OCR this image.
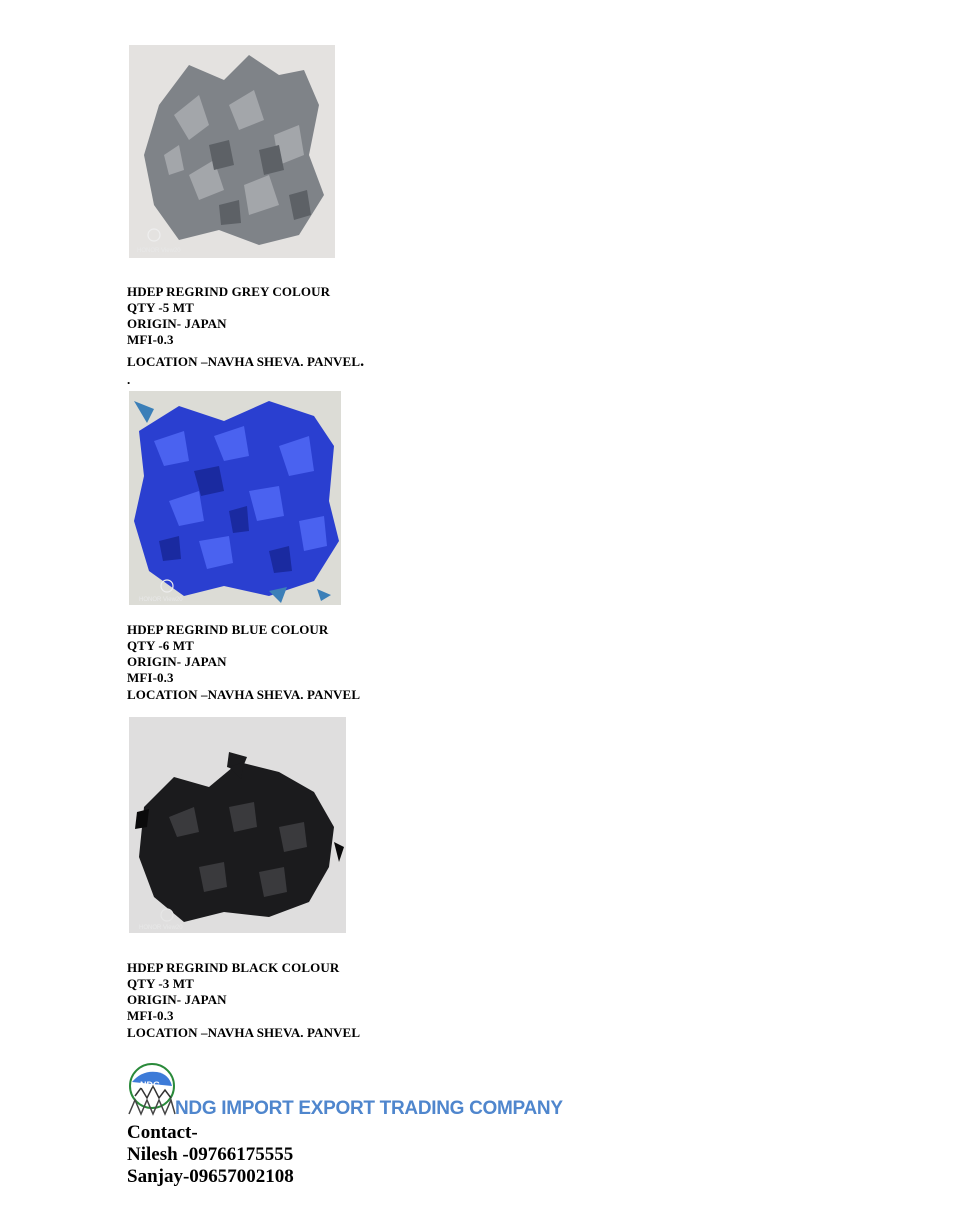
HONOR View20
HDEP REGRIND GREY COLOUR
QTY -5 MT
ORIGIN- JAPAN
MFI-0.3
LOCATION –NAVHA SHEVA. PANVEL.
.
HONOR View20
HDEP REGRIND BLUE COLOUR
QTY -6 MT
ORIGIN- JAPAN
MFI-0.3
LOCATION –NAVHA SHEVA. PANVEL
HONOR View20
HDEP REGRIND BLACK COLOUR
QTY -3 MT
ORIGIN- JAPAN
MFI-0.3
LOCATION –NAVHA SHEVA. PANVEL
NDG
NDG IMPORT EXPORT TRADING COMPANY
Contact-
Nilesh -09766175555
Sanjay-09657002108
